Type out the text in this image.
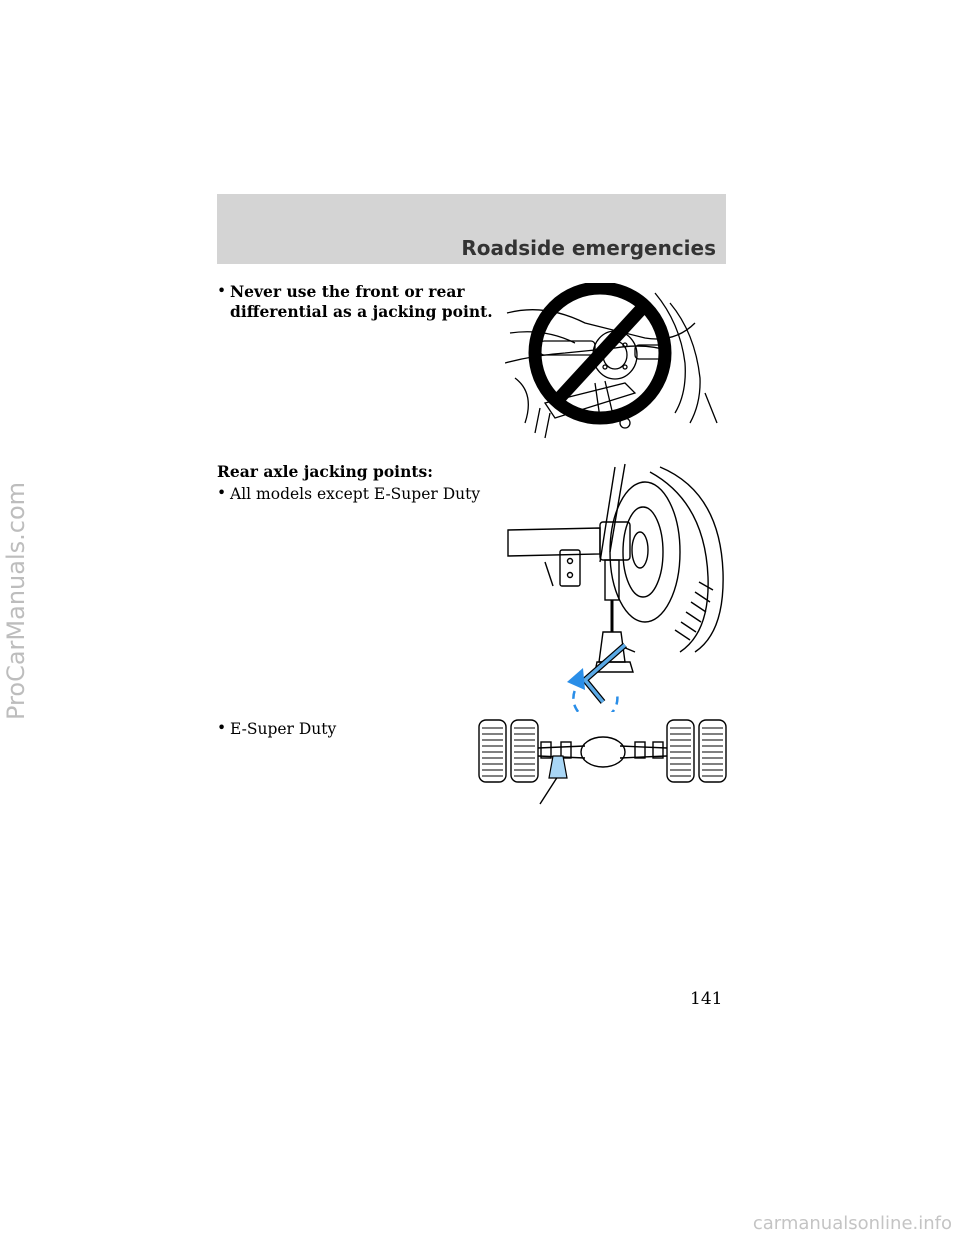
Roadside emergencies
• Never use the front or rear
differential as a jacking point.
Rear axle jacking points:
• All models except E-Super Duty
• E-Super Duty
141
ProCarManuals.com
carmanualsonline.info
